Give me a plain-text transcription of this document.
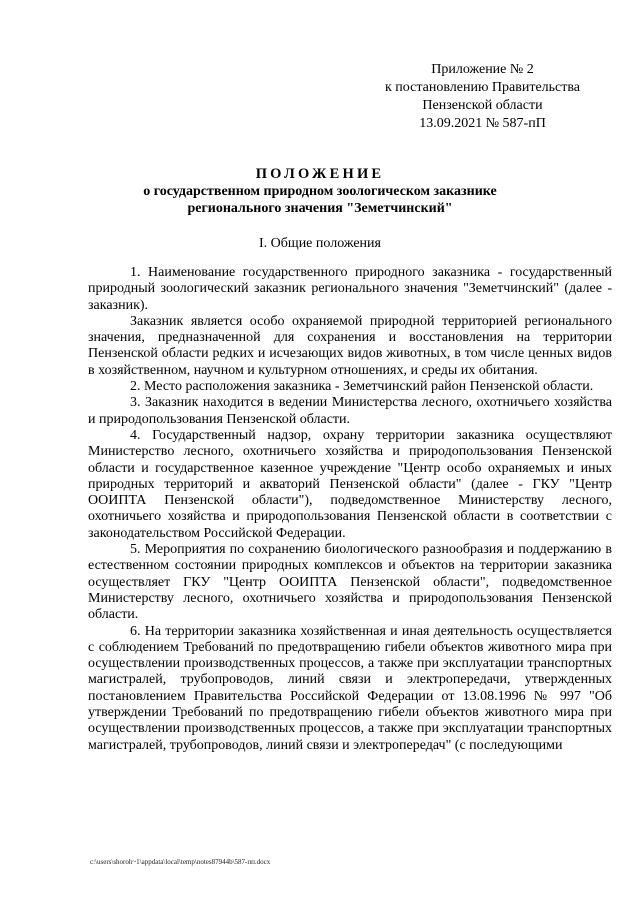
Приложение № 2
к постановлению Правительства
Пензенской области
13.09.2021 № 587-пП
ПОЛОЖЕНИЕ
о государственном природном зоологическом заказнике
регионального значения "Земетчинский"
I. Общие положения

1. Наименование государственного природного заказника - государственный природный зоологический заказник регионального значения "Земетчинский" (далее - заказник).

Заказник является особо охраняемой природной территорией регионального значения, предназначенной для сохранения и восстановления на территории Пензенской области редких и исчезающих видов животных, в том числе ценных видов в хозяйственном, научном и культурном отношениях, и среды их обитания.

2. Место расположения заказника - Земетчинский район Пензенской области.

3. Заказник находится в ведении Министерства лесного, охотничьего хозяйства и природопользования Пензенской области.

4. Государственный надзор, охрану территории заказника осуществляют Министерство лесного, охотничьего хозяйства и природопользования Пензенской области и государственное казенное учреждение "Центр особо охраняемых и иных природных территорий и акваторий Пензенской области" (далее - ГКУ "Центр ООИПТА Пензенской области"), подведомственное Министерству лесного, охотничьего хозяйства и природопользования Пензенской области в соответствии с законодательством Российской Федерации.

5. Мероприятия по сохранению биологического разнообразия и поддержанию в естественном состоянии природных комплексов и объектов на территории заказника осуществляет ГКУ "Центр ООИПТА Пензенской области", подведомственное Министерству лесного, охотничьего хозяйства и природопользования Пензенской области.

6. На территории заказника хозяйственная и иная деятельность осуществляется с соблюдением Требований по предотвращению гибели объектов животного мира при осуществлении производственных процессов, а также при эксплуатации транспортных магистралей, трубопроводов, линий связи и электропередачи, утвержденных постановлением Правительства Российской Федерации от 13.08.1996 № 997 "Об утверждении Требований по предотвращению гибели объектов животного мира при осуществлении производственных процессов, а также при эксплуатации транспортных магистралей, трубопроводов, линий связи и электропередач" (с последующими

c:\users\shoroh~1\appdata\local\temp\notes87944b\587-пп.docx
